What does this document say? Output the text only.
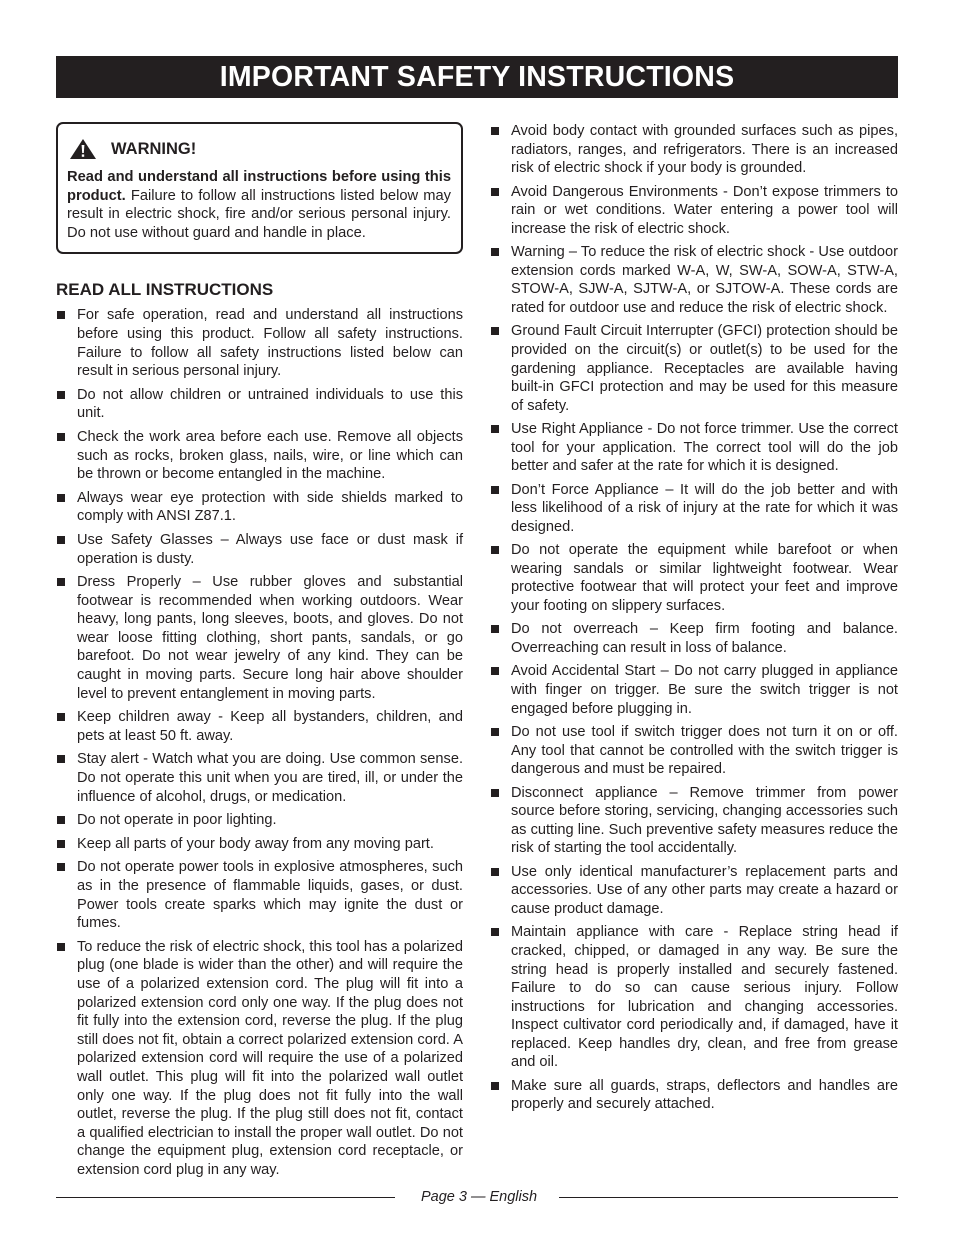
IMPORTANT SAFETY INSTRUCTIONS
WARNING!
Read and understand all instructions before using this product. Failure to follow all instructions listed below may result in electric shock, fire and/or serious personal injury. Do not use without guard and handle in place.
READ ALL INSTRUCTIONS
For safe operation, read and understand all instructions before using this product. Follow all safety instructions. Failure to follow all safety instructions listed below can result in serious personal injury.
Do not allow children or untrained individuals to use this unit.
Check the work area before each use. Remove all objects such as rocks, broken glass, nails, wire, or line which can be thrown or become entangled in the machine.
Always wear eye protection with side shields marked to comply with ANSI Z87.1.
Use Safety Glasses – Always use face or dust mask if operation is dusty.
Dress Properly – Use rubber gloves and substantial footwear is recommended when working outdoors. Wear heavy, long pants, long sleeves, boots, and gloves. Do not wear loose fitting clothing, short pants, sandals, or go barefoot. Do not wear jewelry of any kind. They can be caught in moving parts. Secure long hair above shoulder level to prevent entanglement in moving parts.
Keep children away - Keep all bystanders, children, and pets at least 50 ft. away.
Stay alert - Watch what you are doing. Use common sense. Do not operate this unit when you are tired, ill, or under the influence of alcohol, drugs, or medication.
Do not operate in poor lighting.
Keep all parts of your body away from any moving part.
Do not operate power tools in explosive atmospheres, such as in the presence of flammable liquids, gases, or dust. Power tools create sparks which may ignite the dust or fumes.
To reduce the risk of electric shock, this tool has a polarized plug (one blade is wider than the other) and will require the use of a polarized extension cord. The plug will fit into a polarized extension cord only one way. If the plug does not fit fully into the extension cord, reverse the plug. If the plug still does not fit, obtain a correct polarized extension cord. A polarized extension cord will require the use of a polarized wall outlet. This plug will fit into the polarized wall outlet only one way. If the plug does not fit fully into the wall outlet, reverse the plug. If the plug still does not fit, contact a qualified electrician to install the proper wall outlet. Do not change the equipment plug, extension cord receptacle, or extension cord plug in any way.
Avoid body contact with grounded surfaces such as pipes, radiators, ranges, and refrigerators. There is an increased risk of electric shock if your body is grounded.
Avoid Dangerous Environments - Don’t expose trimmers to rain or wet conditions. Water entering a power tool will increase the risk of electric shock.
Warning – To reduce the risk of electric shock - Use outdoor extension cords marked W-A, W, SW-A, SOW-A, STW-A, STOW-A, SJW-A, SJTW-A, or SJTOW-A. These cords are rated for outdoor use and reduce the risk of electric shock.
Ground Fault Circuit Interrupter (GFCI) protection should be provided on the circuit(s) or outlet(s) to be used for the gardening appliance. Receptacles are available having built-in GFCI protection and may be used for this measure of safety.
Use Right Appliance - Do not force trimmer. Use the correct tool for your application. The correct tool will do the job better and safer at the rate for which it is designed.
Don’t Force Appliance – It will do the job better and with less likelihood of a risk of injury at the rate for which it was designed.
Do not operate the equipment while barefoot or when wearing sandals or similar lightweight footwear. Wear protective footwear that will protect your feet and improve your footing on slippery surfaces.
Do not overreach – Keep firm footing and balance. Overreaching can result in loss of balance.
Avoid Accidental Start – Do not carry plugged in appliance with finger on trigger. Be sure the switch trigger is not engaged before plugging in.
Do not use tool if switch trigger does not turn it on or off. Any tool that cannot be controlled with the switch trigger is dangerous and must be repaired.
Disconnect appliance – Remove trimmer from power source before storing, servicing, changing accessories such as cutting line. Such preventive safety measures reduce the risk of starting the tool accidentally.
Use only identical manufacturer’s replacement parts and accessories. Use of any other parts may create a hazard or cause product damage.
Maintain appliance with care - Replace string head if cracked, chipped, or damaged in any way. Be sure the string head is properly installed and securely fastened. Failure to do so can cause serious injury. Follow instructions for lubrication and changing accessories. Inspect cultivator cord periodically and, if damaged, have it replaced. Keep handles dry, clean, and free from grease and oil.
Make sure all guards, straps, deflectors and handles are properly and securely attached.
Page 3 — English
